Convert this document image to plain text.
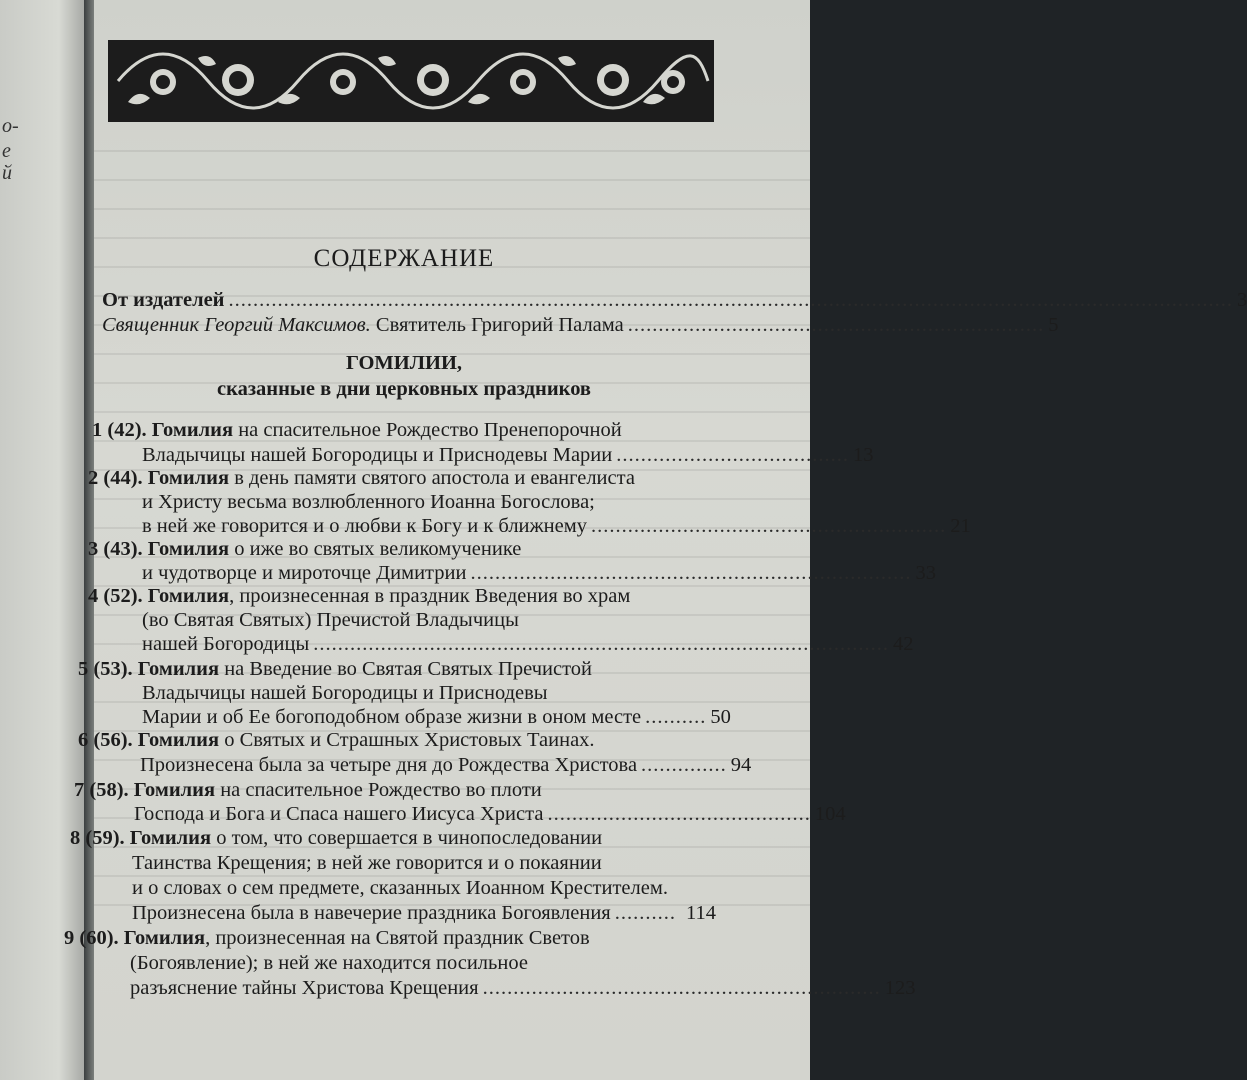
о-
е
й
СОДЕРЖАНИЕ
От издателей .................................................................................................................................................................... 3
Священник Георгий Максимов. Святитель Григорий Палама .................................................................... 5
ГОМИЛИИ,
сказанные в дни церковных праздников
1 (42). Гомилия на спасительное Рождество Пренепорочной
Владычицы нашей Богородицы и Приснодевы Марии ...................................... 13
2 (44). Гомилия в день памяти святого апостола и евангелиста
и Христу весьма возлюбленного Иоанна Богослова;
в ней же говорится и о любви к Богу и к ближнему .......................................................... 21
3 (43). Гомилия о иже во святых великомученике
и чудотворце и мироточце Димитрии ........................................................................ 33
4 (52). Гомилия, произнесенная в праздник Введения во храм
(во Святая Святых) Пречистой Владычицы
нашей Богородицы .............................................................................................. 42
5 (53). Гомилия на Введение во Святая Святых Пречистой
Владычицы нашей Богородицы и Приснодевы
Марии и об Ее богоподобном образе жизни в оном месте .......... 50
6 (56). Гомилия о Святых и Страшных Христовых Таинах.
Произнесена была за четыре дня до Рождества Христова .............. 94
7 (58). Гомилия на спасительное Рождество во плоти
Господа и Бога и Спаса нашего Иисуса Христа ........................................... 104
8 (59). Гомилия о том, что совершается в чинопоследовании
Таинства Крещения; в ней же говорится и о покаянии
и о словах о сем предмете, сказанных Иоанном Крестителем.
Произнесена была в навечерие праздника Богоявления .......... 114
9 (60). Гомилия, произнесенная на Святой праздник Светов
(Богоявление); в ней же находится посильное
разъяснение тайны Христова Крещения ................................................................. 123
